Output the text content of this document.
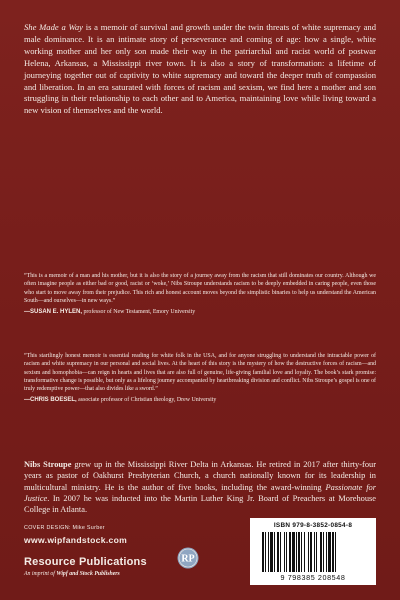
She Made a Way is a memoir of survival and growth under the twin threats of white supremacy and male dominance. It is an intimate story of perseverance and coming of age: how a single, white working mother and her only son made their way in the patriarchal and racist world of postwar Helena, Arkansas, a Mississippi river town. It is also a story of transformation: a lifetime of journeying together out of captivity to white supremacy and toward the deeper truth of compassion and liberation. In an era saturated with forces of racism and sexism, we find here a mother and son struggling in their relationship to each other and to America, maintaining love while living toward a new vision of themselves and the world.

“This is a memoir of a man and his mother, but it is also the story of a journey away from the racism that still dominates our country. Although we often imagine people as either bad or good, racist or ‘woke,’ Nibs Stroupe understands racism to be deeply embedded in caring people, even those who start to move away from their prejudice. This rich and honest account moves beyond the simplistic binaries to help us understand the American South—and ourselves—in new ways.”

—SUSAN E. HYLEN, professor of New Testament, Emory University

“This startlingly honest memoir is essential reading for white folk in the USA, and for anyone struggling to understand the intractable power of racism and white supremacy in our personal and social lives. At the heart of this story is the mystery of how the destructive forces of racism—and sexism and homophobia—can reign in hearts and lives that are also full of genuine, life-giving familial love and loyalty. The book’s stark promise: transformative change is possible, but only as a lifelong journey accompanied by heartbreaking division and conflict. Nibs Stroupe’s gospel is one of truly redemptive power—that also divides like a sword.”

—CHRIS BOESEL, associate professor of Christian theology, Drew University

Nibs Stroupe grew up in the Mississippi River Delta in Arkansas. He retired in 2017 after thirty-four years as pastor of Oakhurst Presbyterian Church, a church nationally known for its leadership in multicultural ministry. He is the author of five books, including the award-winning Passionate for Justice. In 2007 he was inducted into the Martin Luther King Jr. Board of Preachers at Morehouse College in Atlanta.

COVER DESIGN: Mike Surber
www.wipfandstock.com
Resource Publications
An imprint of Wipf and Stock Publishers
RP
ISBN 979-8-3852-0854-8
9 798385 208548
